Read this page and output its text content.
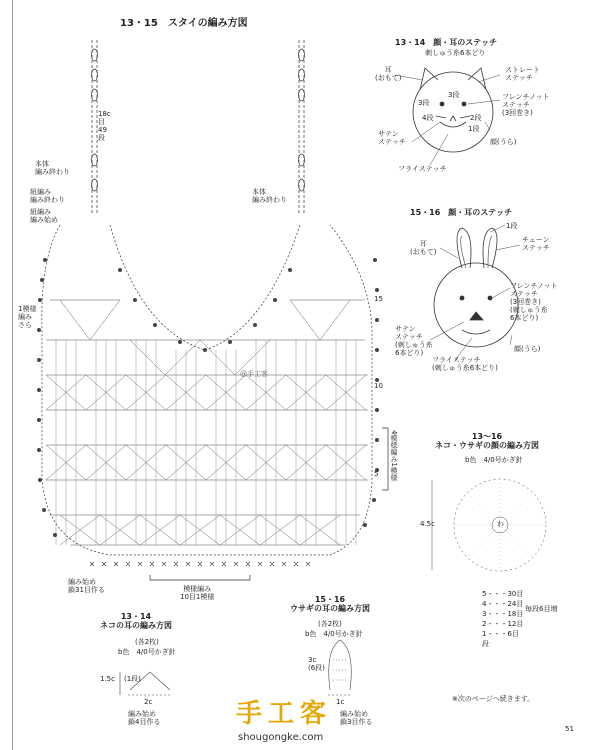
13・15　スタイの編み方図
18c
目
49
段
本体
編み終わり
紐編み
編み終わり
紐編み
編み始め
本体
編み終わり
1模様
編み
さら
15
10
5 4模様編み1模様
編み始め
鎖31目作る	模様編み
10目1模様
13・14　顔・耳のステッチ
刺しゅう糸6本どり
耳
(おもて)
ストレート
ステッチ
3段
3段
4段	2段
1段
フレンチノット
ステッチ
(3回巻き)
サテン
ステッチ
フライステッチ
顔(うら)
15・16　顔・耳のステッチ
耳
(おもて)
1段
チェーン
ステッチ
フレンチノット
ステッチ
(3回巻き)
(刺しゅう糸
6本どり)
サテン
ステッチ
(刺しゅう糸
6本どり)
フライステッチ
(刺しゅう糸6本どり)
顔(うら)
13〜16
ネコ・ウサギの顔の編み方図
b色　4/0号かぎ針
4.5c	わ
5・・・30目
4・・・24目
3・・・18目
2・・・12目
1・・・6目
毎段6目増
段
13・14
ネコの耳の編み方図
(各2枚)
b色　4/0号かぎ針
1.5c (1段)
2c
編み始め
鎖4目作る
15・16
ウサギの耳の編み方図
(各2枚)
b色　4/0号かぎ針
3c
(6段)
1c
編み始め
鎖3目作る
※次のページへ続きます。
51
手工客
shougongke.com
@手工客
